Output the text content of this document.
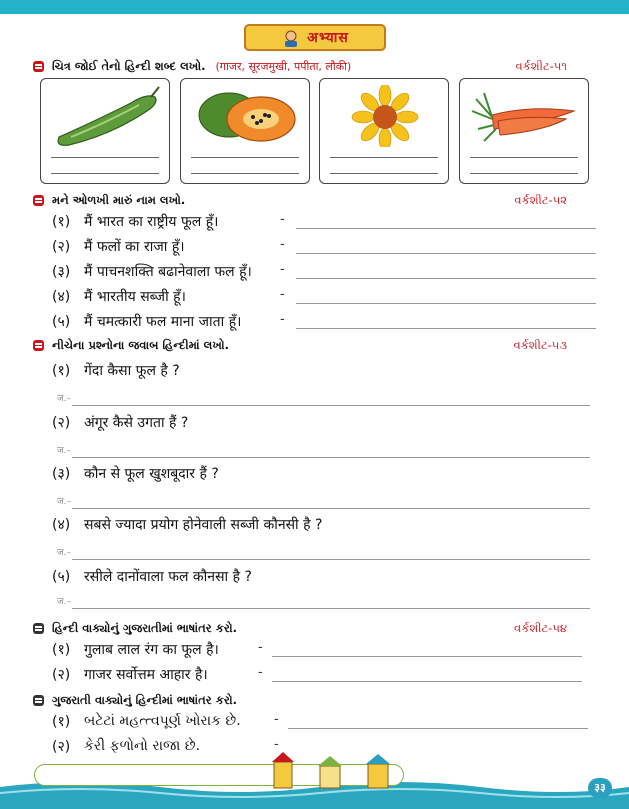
अभ्यास
ચિત્ર જોઈ તેનો હિન્દી શબ્દ લખો. (गाजर, सूरजमुखी, पपीता, लौकी)	વર્કશીટ-૫૧
મને ઓળખી મારું નામ લખો.	વર્કશીટ-૫૨
(१) मैं भारत का राष्ट्रीय फूल हूँ।	-
(२) मैं फलों का राजा हूँ।	-
(३) मैं पाचनशक्ति बढानेवाला फल हूँ। -
(४) मैं भारतीय सब्जी हूँ।	-
(५) मैं चमत्कारी फल माना जाता हूँ।	-
નીચેના પ્રશ્નોના જવાબ હિન્દીમાં લખો.	વર્કશીટ-૫૩
(१) गेंदा कैसा फूल है ?
ज.–
(२) अंगूर कैसे उगता हैं ?
ज.–
(३) कौन से फूल खुशबूदार हैं ?
ज.–
(४) सबसे ज्यादा प्रयोग होनेवाली सब्जी कौनसी है ?
ज.–
(५) रसीले दानोंवाला फल कौनसा है ?
ज.–
હિન્દી વાક્યોનું ગુજરાતીમાં ભાષાંતર કરો.	વર્કશીટ-૫૪
(१) गुलाब लाल रंग का फूल है।	-
(२) गाजर सर्वोत्तम आहार है।	-
ગુજરાતી વાક્યોનું હિન્દીમાં ભાષાંતર કરો.
(१) બટેટાં મહત્ત્વપૂર્ણ ખોરાક છે.	-
(२) કેરી ફળોનો રાજા છે.	-
३३
